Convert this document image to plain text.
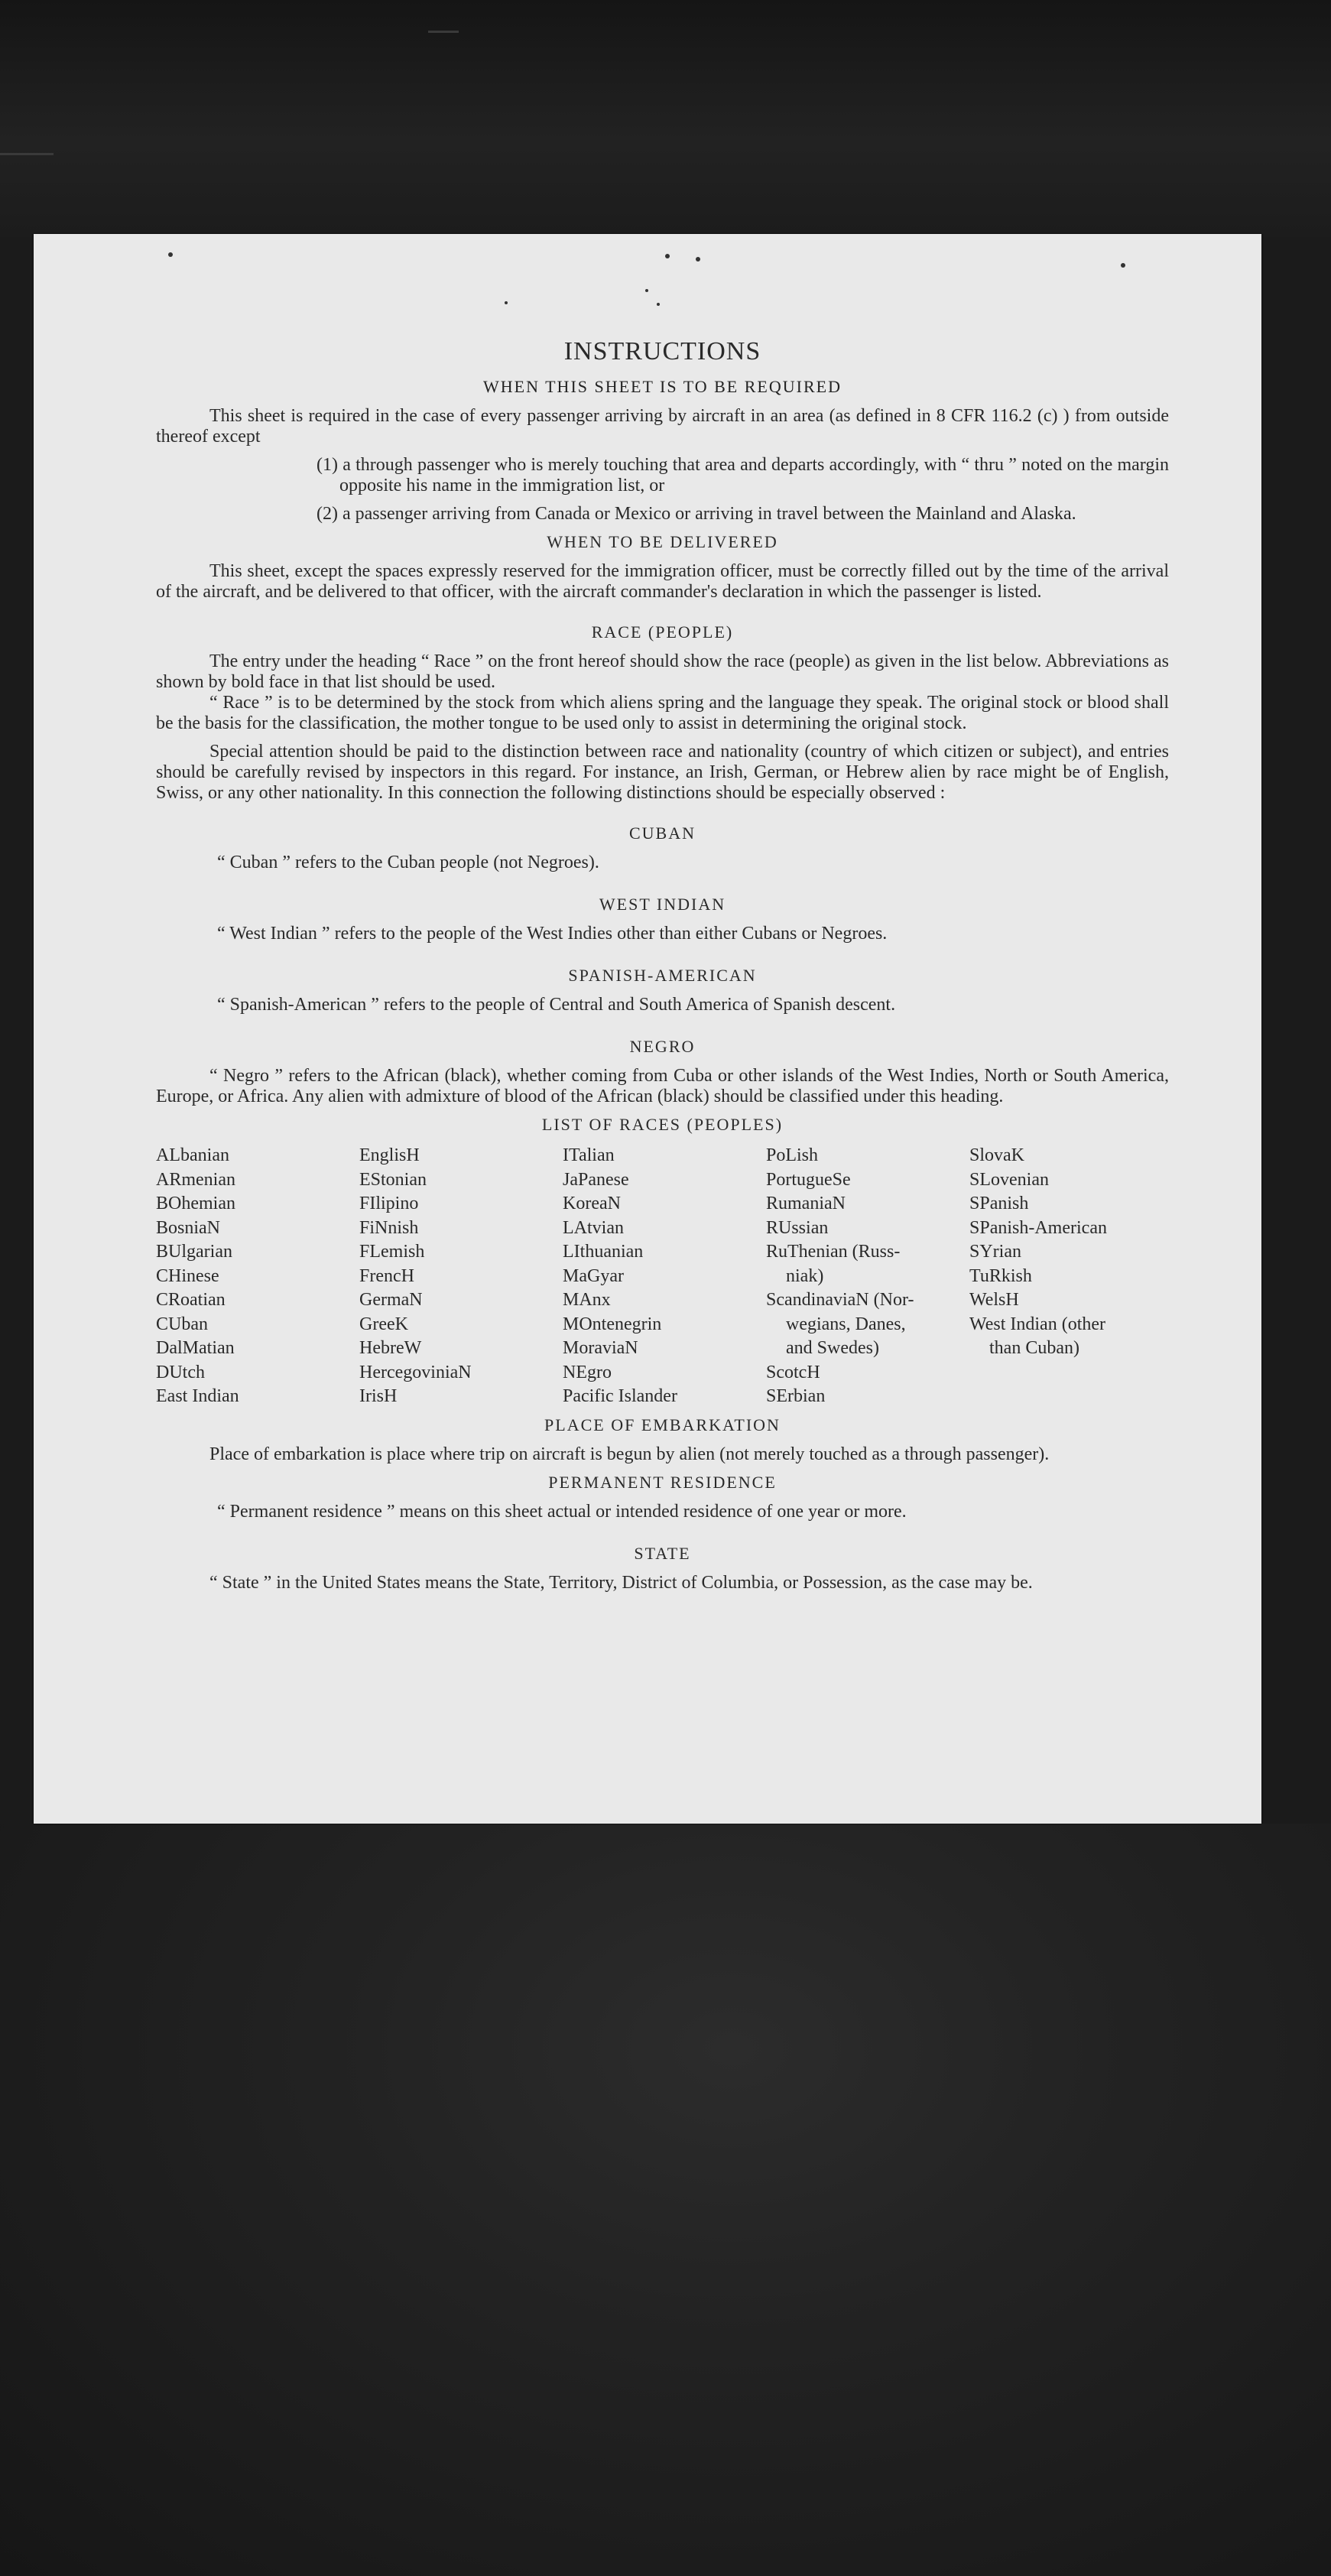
INSTRUCTIONS
WHEN THIS SHEET IS TO BE REQUIRED

This sheet is required in the case of every passenger arriving by aircraft in an area (as defined in 8 CFR 116.2 (c) ) from outside thereof except

(1) a through passenger who is merely touching that area and departs accordingly, with “ thru ” noted on the margin opposite his name in the immigration list, or
(2) a passenger arriving from Canada or Mexico or arriving in travel between the Mainland and Alaska.
WHEN TO BE DELIVERED

This sheet, except the spaces expressly reserved for the immigration officer, must be correctly filled out by the time of the arrival of the aircraft, and be delivered to that officer, with the aircraft commander's declaration in which the passenger is listed.

RACE (PEOPLE)

The entry under the heading “ Race ” on the front hereof should show the race (people) as given in the list below. Abbreviations as shown by bold face in that list should be used.

“ Race ” is to be determined by the stock from which aliens spring and the language they speak. The original stock or blood shall be the basis for the classification, the mother tongue to be used only to assist in determining the original stock.

Special attention should be paid to the distinction between race and nationality (country of which citizen or subject), and entries should be carefully revised by inspectors in this regard. For instance, an Irish, German, or Hebrew alien by race might be of English, Swiss, or any other nationality. In this connection the following distinctions should be especially observed :

CUBAN
“ Cuban ” refers to the Cuban people (not Negroes).
WEST INDIAN
“ West Indian ” refers to the people of the West Indies other than either Cubans or Negroes.
SPANISH-AMERICAN
“ Spanish-American ” refers to the people of Central and South America of Spanish descent.
NEGRO

“ Negro ” refers to the African (black), whether coming from Cuba or other islands of the West Indies, North or South America, Europe, or Africa. Any alien with admixture of blood of the African (black) should be classified under this heading.

LIST OF RACES (PEOPLES)
ALbanian	EnglisH	ITalian	PoLish	SlovaK
ARmenian	EStonian	JaPanese	PortugueSe	SLovenian
BOhemian	FIlipino	KoreaN	RumaniaN	SPanish
BosniaN	FiNnish	LAtvian	RUssian	SPanish-American
BUlgarian	FLemish	LIthuanian	RuThenian (Russ-	SYrian
CHinese	FrencH	MaGyar	niak)	TuRkish
CRoatian	GermaN	MAnx	ScandinaviaN (Nor-	WelsH
CUban	GreeK	MOntenegrin	wegians, Danes,	West Indian (other
DalMatian	HebreW	MoraviaN	and Swedes)	than Cuban)
DUtch	HercegoviniaN	NEgro	ScotcH
East Indian	IrisH	Pacific Islander	SErbian
PLACE OF EMBARKATION

Place of embarkation is place where trip on aircraft is begun by alien (not merely touched as a through passenger).

PERMANENT RESIDENCE
“ Permanent residence ” means on this sheet actual or intended residence of one year or more.
STATE

“ State ” in the United States means the State, Territory, District of Columbia, or Possession, as the case may be.
